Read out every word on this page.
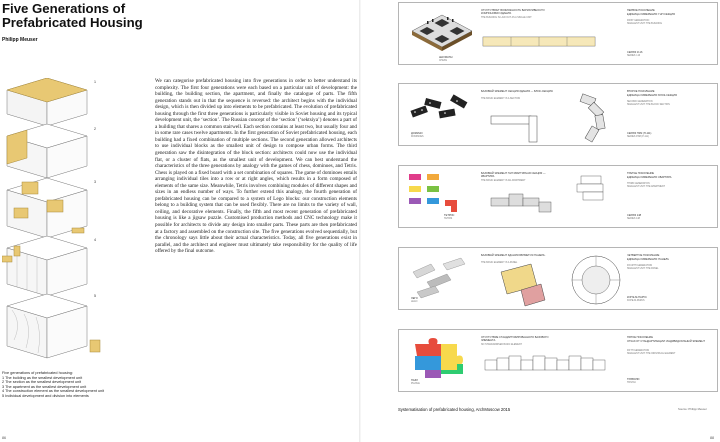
Five Generations of Prefabricated Housing
Philipp Meuser
1
2
3
4
5
We can categorise prefabricated housing into five generations in order to better understand its complexity. The first four generations were each based on a particular unit of development: the building, the building section, the apartment, and finally the catalogue of parts. The fifth generation stands out in that the sequence is reversed: the architect begins with the individual design, which is then divided up into elements to be prefabricated. The evolution of prefabricated housing through the first three generations is particularly visible in Soviet housing and its typical development unit, the ‘section’. The Russian concept of the ‘section’ (‘sektsiya’) denotes a part of a building that shares a common stairwell. Each section contains at least two, but usually four and in some rare cases twelve apartments. In the first generation of Soviet prefabricated housing, each building had a fixed combination of multiple sections. The second generation allowed architects to use individual blocks as the smallest unit of design to compose urban forms. The third generation saw the disintegration of the block section: architects could now use the individual flat, or a cluster of flats, as the smallest unit of development. We can best understand the characteristics of the three generations by analogy with the games of chess, dominoes, and Tetris. Chess is played on a fixed board with a set combination of squares. The game of dominoes entails arranging individual tiles into a row or at right angles, which results in a form composed of elements of the same size. Meanwhile, Tetris involves combining modules of different shapes and sizes in an endless number of ways. To further extend this analogy, the fourth generation of prefabricated housing can be compared to a system of Lego blocks: our construction elements belong to a building system that can be used flexibly. There are no limits to the variety of wall, ceiling, and decorative elements. Finally, the fifth and most recent generation of prefabricated housing is like a jigsaw puzzle. Customised production methods and CNC technology make it possible for architects to divide any design into smaller parts. These parts are then prefabricated at a factory and assembled on the construction site. The five generations evolved sequentially, but the chronology says little about their actual characteristics. Today, all five generations exist in parallel, and the architect and engineer must ultimately take responsibility for the quality of life offered by the final outcome.
Five generations of prefabricated housing:
1 The building as the smallest development unit
2 The section as the smallest development unit
3 The apartment as the smallest development unit
4 The construction element as the smallest development unit
5 Individual development and division into elements
86
ШАХМАТЫ
CHESS
ОТСУТСТВУЕТ ВОЗМОЖНОСТЬ ВАРИАТИВНОСТИ КОМПОНОВКИ ЗДАНИЯ.
THE BUILDING IS LAID OUT AS A SINGLE UNIT
ПЕРВОЕ ПОКОЛЕНИЕ
ЕДИНИЦА ИЗМЕРЕНИЯ: ГНП СЕКЦИЯ
FIRST GENERATION
SMALLEST UNIT: THE BUILDING
СЕРИЯ И-16
SERIES I-16
ДОМИНО
DOMINOES
БАЗОВЫЙ ЭЛЕМЕНТ СЕКЦИЯ ЗДАНИЯ — БЛОК-СЕКЦИЯ.
THE BASIC ELEMENT IS A SECTION
ВТОРОЕ ПОКОЛЕНИЕ
ЕДИНИЦА ИЗМЕРЕНИЯ: БЛОК-СЕКЦИЯ
SECOND GENERATION
SMALLEST UNIT: THE BLOCK SECTION
СЕРИЯ П3М (П-111)
SERIES P3M (P-111)
ТЕТРИС
TETRIS
БАЗОВЫЙ ЭЛЕМЕНТ ГНП КВАРТИРНАЯ СЕКЦИЯ — КВАРТИРА.
THE BASIC ELEMENT IS AN APARTMENT
ТРЕТЬЕ ПОКОЛЕНИЕ
ЕДИНИЦА ИЗМЕРЕНИЯ: КВАРТИРА
THIRD GENERATION
SMALLEST UNIT: THE APARTMENT
СЕРИЯ 148
SERIES 148
ЛЕГО
LEGO
БАЗОВЫЙ ЭЛЕМЕНТ ЗДАНИЯ ЯВЛЯЕТСЯ ПАНЕЛЬ.
THE BASIC ELEMENT IS A PANEL
ЧЕТВЕРТОЕ ПОКОЛЕНИЕ
ЕДИНИЦА ИЗМЕРЕНИЯ: ПАНЕЛЬ
FOURTH GENERATION
SMALLEST UNIT: THE PANEL
КОПЭ-М-ПАРУС
KOPE-M-PARUS
ПАЗЛ
PUZZLE
ОТСУТСТВИЕ СТАНДАРТИЗИРОВАННОГО БАЗОВОГО ЭЛЕМЕНТА.
NO STANDARDISED BASIC ELEMENT
ПЯТОЕ ПОКОЛЕНИЕ
ОТКАЗ ОТ СТАНДАРТИЗАЦИИ: ИНДИВИДУАЛЬНЫЙ ЭЛЕМЕНТ
FIFTH GENERATION
SMALLEST UNIT: THE INDIVIDUAL ELEMENT
ТРИВОЛИ
TRIVOLI
Systematisation of prefabricated housing, ArchMoscow 2015	Source: Philipp Meuser
88
